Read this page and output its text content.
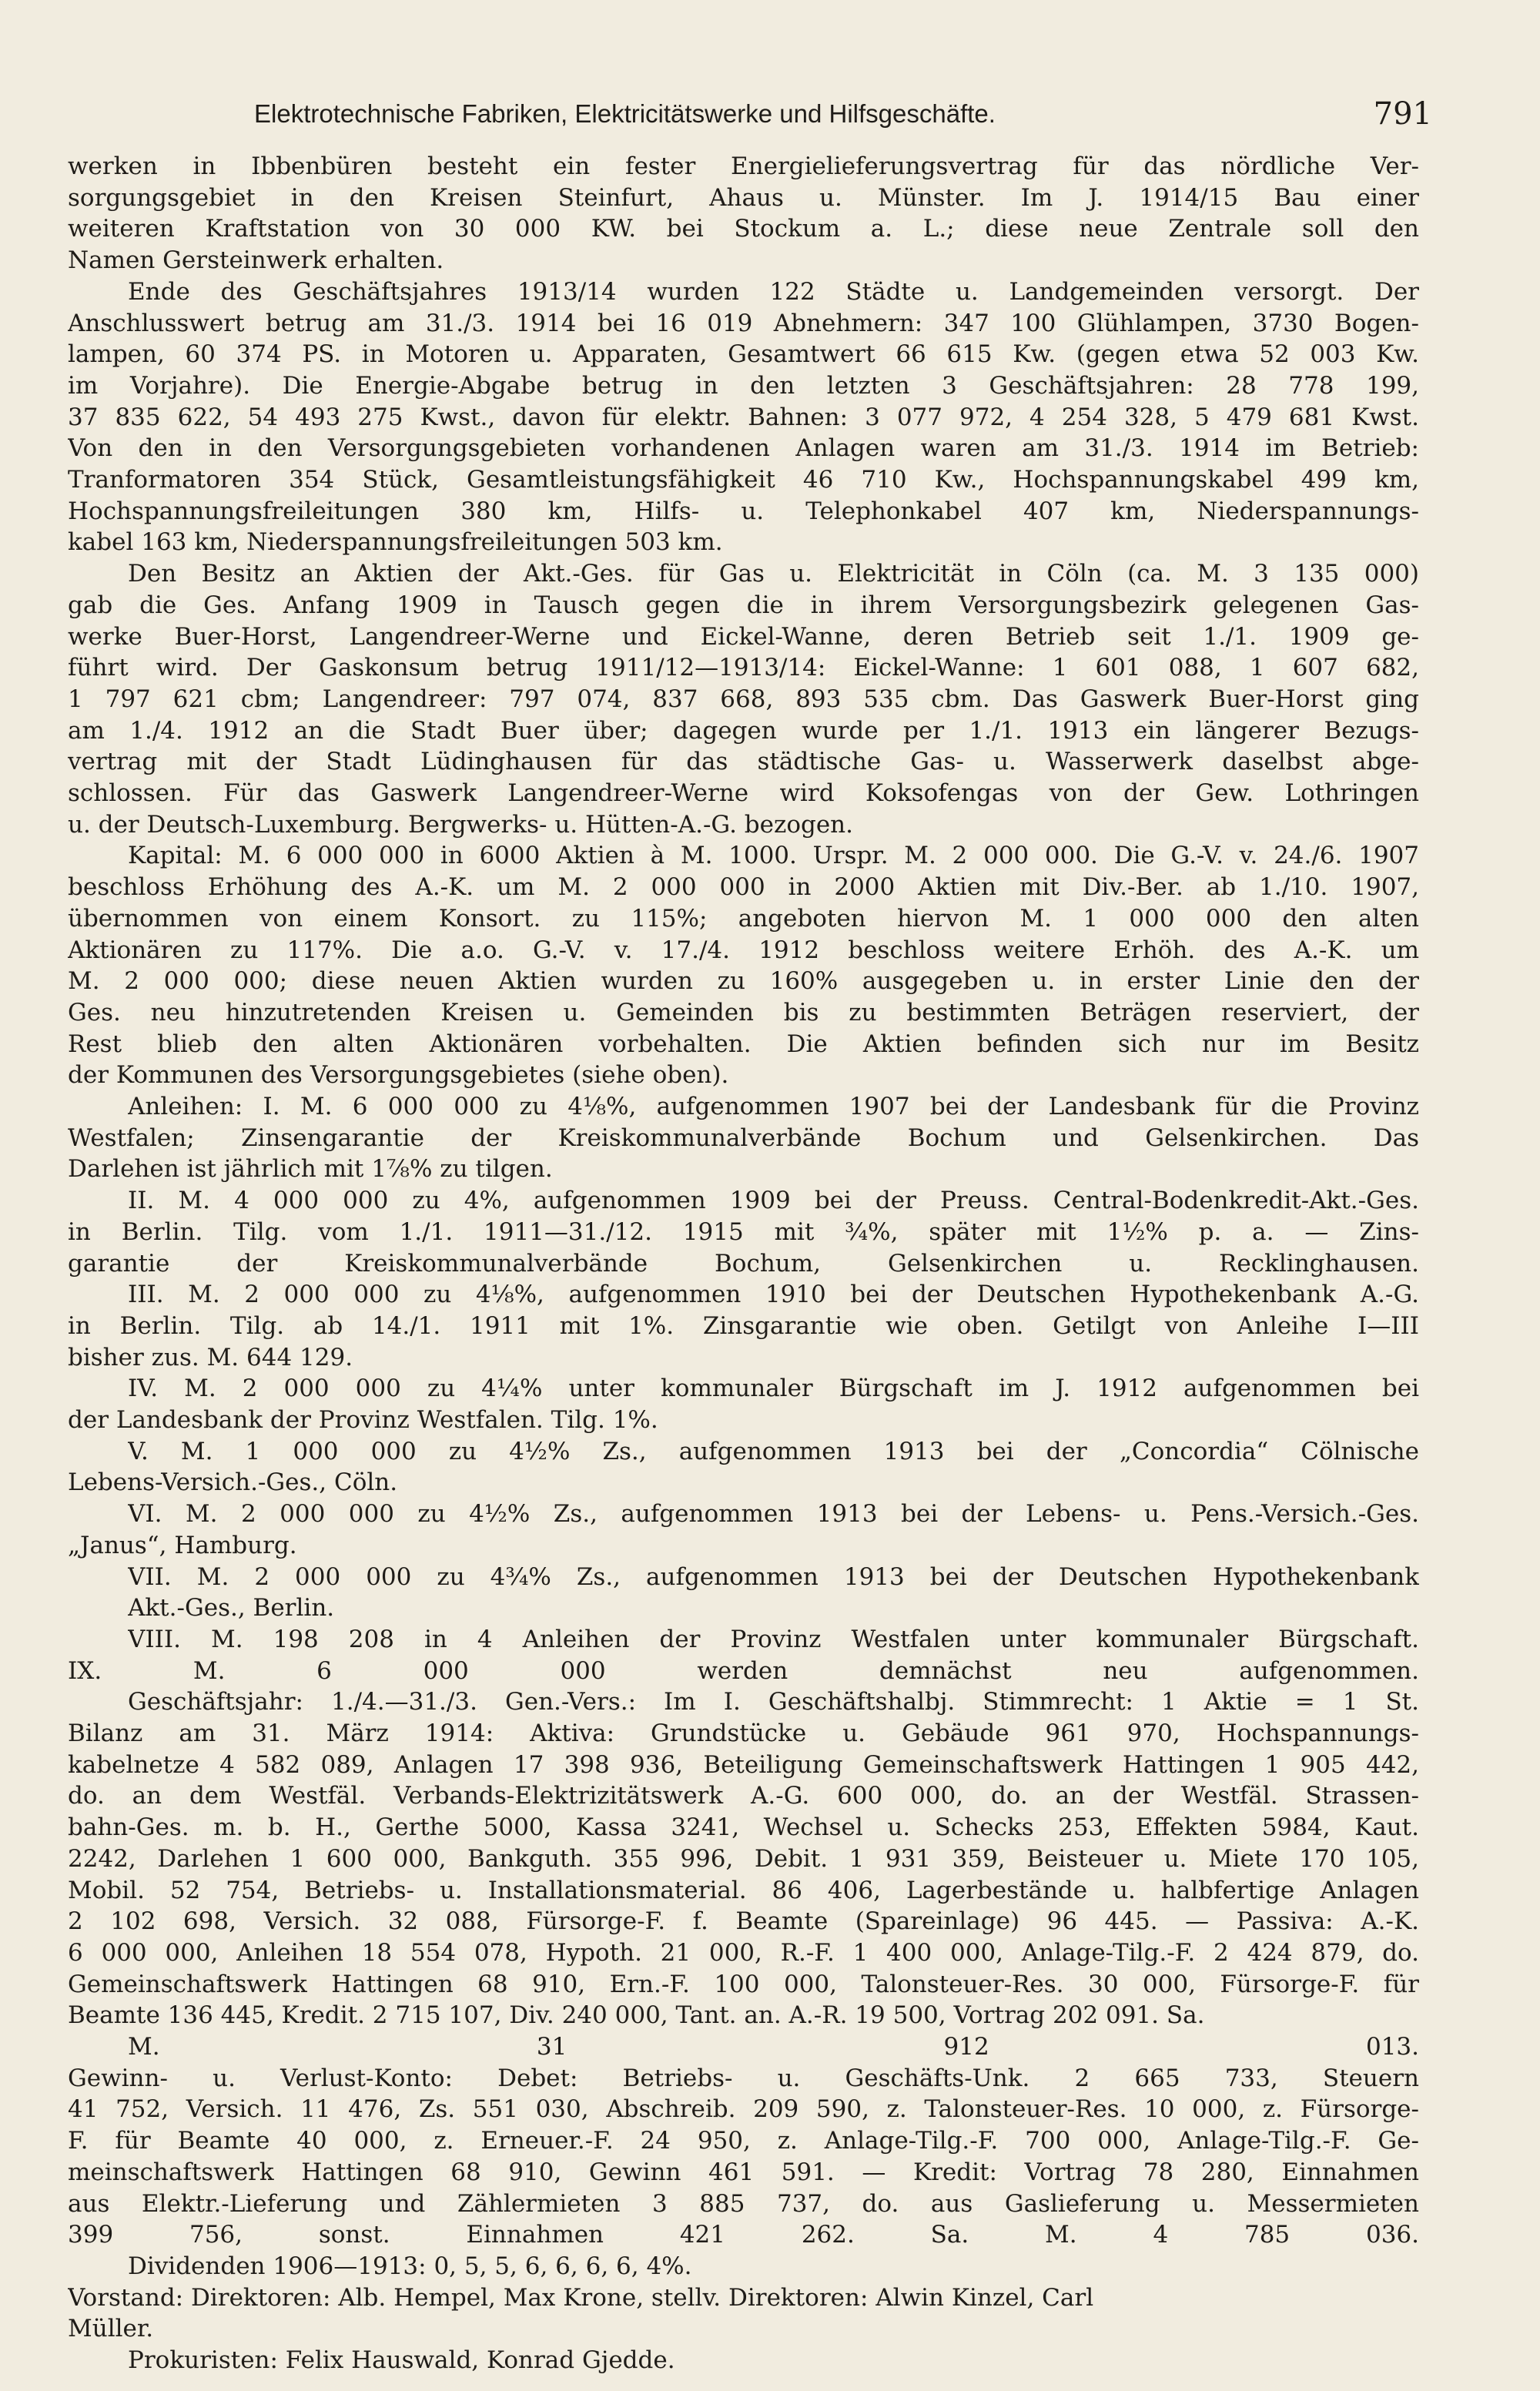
Elektrotechnische Fabriken, Elektricitätswerke und Hilfsgeschäfte.	791
werken in Ibbenbüren besteht ein fester Energielieferungsvertrag für das nördliche Ver-
sorgungsgebiet in den Kreisen Steinfurt, Ahaus u. Münster. Im J. 1914/15 Bau einer
weiteren Kraftstation von 30 000 KW. bei Stockum a. L.; diese neue Zentrale soll den
Namen Gersteinwerk erhalten.
Ende des Geschäftsjahres 1913/14 wurden 122 Städte u. Landgemeinden versorgt. Der
Anschlusswert betrug am 31./3. 1914 bei 16 019 Abnehmern: 347 100 Glühlampen, 3730 Bogen-
lampen, 60 374 PS. in Motoren u. Apparaten, Gesamtwert 66 615 Kw. (gegen etwa 52 003 Kw.
im Vorjahre). Die Energie-Abgabe betrug in den letzten 3 Geschäftsjahren: 28 778 199,
37 835 622, 54 493 275 Kwst., davon für elektr. Bahnen: 3 077 972, 4 254 328, 5 479 681 Kwst.
Von den in den Versorgungsgebieten vorhandenen Anlagen waren am 31./3. 1914 im Betrieb:
Tranformatoren 354 Stück, Gesamtleistungsfähigkeit 46 710 Kw., Hochspannungskabel 499 km,
Hochspannungsfreileitungen 380 km, Hilfs- u. Telephonkabel 407 km, Niederspannungs-
kabel 163 km, Niederspannungsfreileitungen 503 km.
Den Besitz an Aktien der Akt.-Ges. für Gas u. Elektricität in Cöln (ca. M. 3 135 000)
gab die Ges. Anfang 1909 in Tausch gegen die in ihrem Versorgungsbezirk gelegenen Gas-
werke Buer-Horst, Langendreer-Werne und Eickel-Wanne, deren Betrieb seit 1./1. 1909 ge-
führt wird. Der Gaskonsum betrug 1911/12—1913/14: Eickel-Wanne: 1 601 088, 1 607 682,
1 797 621 cbm; Langendreer: 797 074, 837 668, 893 535 cbm. Das Gaswerk Buer-Horst ging
am 1./4. 1912 an die Stadt Buer über; dagegen wurde per 1./1. 1913 ein längerer Bezugs-
vertrag mit der Stadt Lüdinghausen für das städtische Gas- u. Wasserwerk daselbst abge-
schlossen. Für das Gaswerk Langendreer-Werne wird Koksofengas von der Gew. Lothringen
u. der Deutsch-Luxemburg. Bergwerks- u. Hütten-A.-G. bezogen.
Kapital: M. 6 000 000 in 6000 Aktien à M. 1000. Urspr. M. 2 000 000. Die G.-V. v. 24./6. 1907
beschloss Erhöhung des A.-K. um M. 2 000 000 in 2000 Aktien mit Div.-Ber. ab 1./10. 1907,
übernommen von einem Konsort. zu 115%; angeboten hiervon M. 1 000 000 den alten
Aktionären zu 117%. Die a.o. G.-V. v. 17./4. 1912 beschloss weitere Erhöh. des A.-K. um
M. 2 000 000; diese neuen Aktien wurden zu 160% ausgegeben u. in erster Linie den der
Ges. neu hinzutretenden Kreisen u. Gemeinden bis zu bestimmten Beträgen reserviert, der
Rest blieb den alten Aktionären vorbehalten. Die Aktien befinden sich nur im Besitz
der Kommunen des Versorgungsgebietes (siehe oben).
Anleihen: I. M. 6 000 000 zu 4⅛%, aufgenommen 1907 bei der Landesbank für die Provinz
Westfalen; Zinsengarantie der Kreiskommunalverbände Bochum und Gelsenkirchen. Das
Darlehen ist jährlich mit 1⅞% zu tilgen.
II. M. 4 000 000 zu 4%, aufgenommen 1909 bei der Preuss. Central-Bodenkredit-Akt.-Ges.
in Berlin. Tilg. vom 1./1. 1911—31./12. 1915 mit ¾%, später mit 1½% p. a. — Zins-
garantie der Kreiskommunalverbände Bochum, Gelsenkirchen u. Recklinghausen.
III. M. 2 000 000 zu 4⅛%, aufgenommen 1910 bei der Deutschen Hypothekenbank A.-G.
in Berlin. Tilg. ab 14./1. 1911 mit 1%. Zinsgarantie wie oben. Getilgt von Anleihe I—III
bisher zus. M. 644 129.
IV. M. 2 000 000 zu 4¼% unter kommunaler Bürgschaft im J. 1912 aufgenommen bei
der Landesbank der Provinz Westfalen. Tilg. 1%.
V. M. 1 000 000 zu 4½% Zs., aufgenommen 1913 bei der „Concordia“ Cölnische
Lebens-Versich.-Ges., Cöln.
VI. M. 2 000 000 zu 4½% Zs., aufgenommen 1913 bei der Lebens- u. Pens.-Versich.-Ges.
„Janus“, Hamburg.
VII. M. 2 000 000 zu 4¾% Zs., aufgenommen 1913 bei der Deutschen Hypothekenbank
Akt.-Ges., Berlin.
VIII. M. 198 208 in 4 Anleihen der Provinz Westfalen unter kommunaler Bürgschaft.
IX. M. 6 000 000 werden demnächst neu aufgenommen.
Geschäftsjahr: 1./4.—31./3. Gen.-Vers.: Im I. Geschäftshalbj. Stimmrecht: 1 Aktie = 1 St.
Bilanz am 31. März 1914: Aktiva: Grundstücke u. Gebäude 961 970, Hochspannungs-
kabelnetze 4 582 089, Anlagen 17 398 936, Beteiligung Gemeinschaftswerk Hattingen 1 905 442,
do. an dem Westfäl. Verbands-Elektrizitätswerk A.-G. 600 000, do. an der Westfäl. Strassen-
bahn-Ges. m. b. H., Gerthe 5000, Kassa 3241, Wechsel u. Schecks 253, Effekten 5984, Kaut.
2242, Darlehen 1 600 000, Bankguth. 355 996, Debit. 1 931 359, Beisteuer u. Miete 170 105,
Mobil. 52 754, Betriebs- u. Installationsmaterial. 86 406, Lagerbestände u. halbfertige Anlagen
2 102 698, Versich. 32 088, Fürsorge-F. f. Beamte (Spareinlage) 96 445. — Passiva: A.-K.
6 000 000, Anleihen 18 554 078, Hypoth. 21 000, R.-F. 1 400 000, Anlage-Tilg.-F. 2 424 879, do.
Gemeinschaftswerk Hattingen 68 910, Ern.-F. 100 000, Talonsteuer-Res. 30 000, Fürsorge-F. für
Beamte 136 445, Kredit. 2 715 107, Div. 240 000, Tant. an. A.-R. 19 500, Vortrag 202 091. Sa.
M. 31 912 013.
Gewinn- u. Verlust-Konto: Debet: Betriebs- u. Geschäfts-Unk. 2 665 733, Steuern
41 752, Versich. 11 476, Zs. 551 030, Abschreib. 209 590, z. Talonsteuer-Res. 10 000, z. Fürsorge-
F. für Beamte 40 000, z. Erneuer.-F. 24 950, z. Anlage-Tilg.-F. 700 000, Anlage-Tilg.-F. Ge-
meinschaftswerk Hattingen 68 910, Gewinn 461 591. — Kredit: Vortrag 78 280, Einnahmen
aus Elektr.-Lieferung und Zählermieten 3 885 737, do. aus Gaslieferung u. Messermieten
399 756, sonst. Einnahmen 421 262. Sa. M. 4 785 036.
Dividenden 1906—1913: 0, 5, 5, 6, 6, 6, 6, 4%.
Vorstand: Direktoren: Alb. Hempel, Max Krone, stellv. Direktoren: Alwin Kinzel, Carl
Müller.
Prokuristen: Felix Hauswald, Konrad Gjedde.
